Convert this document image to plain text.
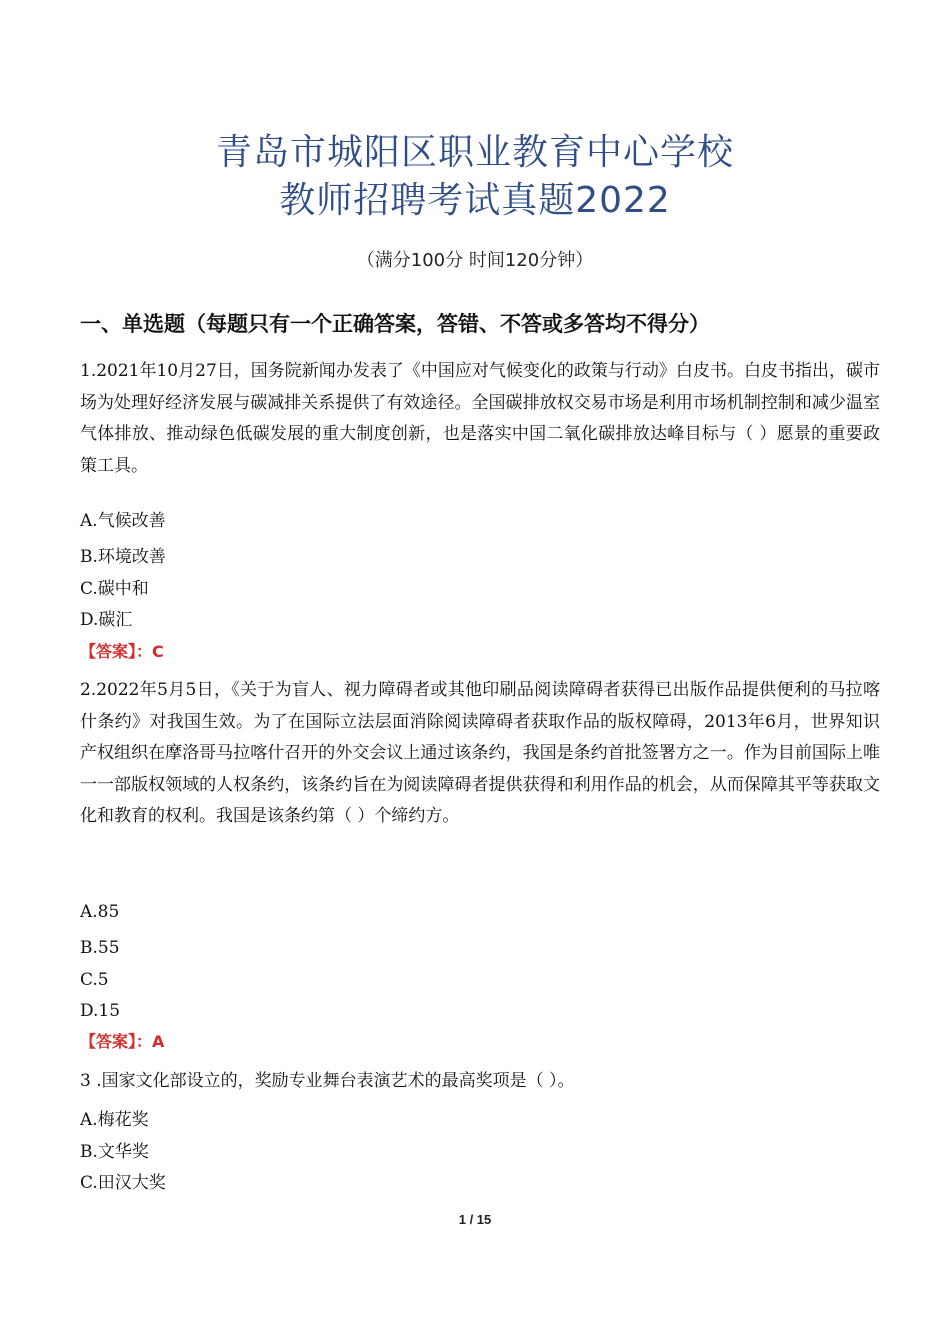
青岛市城阳区职业教育中心学校
教师招聘考试真题2022
（满分100分 时间120分钟）
一、单选题（每题只有一个正确答案，答错、不答或多答均不得分）

1.2021年10月27日，国务院新闻办发表了《中国应对气候变化的政策与行动》白皮书。白皮书指出，碳市场为处理好经济发展与碳减排关系提供了有效途径。全国碳排放权交易市场是利用市场机制控制和减少温室气体排放、推动绿色低碳发展的重大制度创新，也是落实中国二氧化碳排放达峰目标与（ ）愿景的重要政策工具。

A.气候改善
B.环境改善
C.碳中和
D.碳汇
【答案】：C

2.2022年5月5日，《关于为盲人、视力障碍者或其他印刷品阅读障碍者获得已出版作品提供便利的马拉喀什条约》对我国生效。为了在国际立法层面消除阅读障碍者获取作品的版权障碍，2013年6月，世界知识产权组织在摩洛哥马拉喀什召开的外交会议上通过该条约，我国是条约首批签署方之一。作为目前国际上唯一一部版权领域的人权条约，该条约旨在为阅读障碍者提供获得和利用作品的机会，从而保障其平等获取文化和教育的权利。我国是该条约第（ ）个缔约方。

A.85
B.55
C.5
D.15
【答案】：A
3 .国家文化部设立的，奖励专业舞台表演艺术的最高奖项是（ ）。
A.梅花奖
B.文华奖
C.田汉大奖
1 / 15
